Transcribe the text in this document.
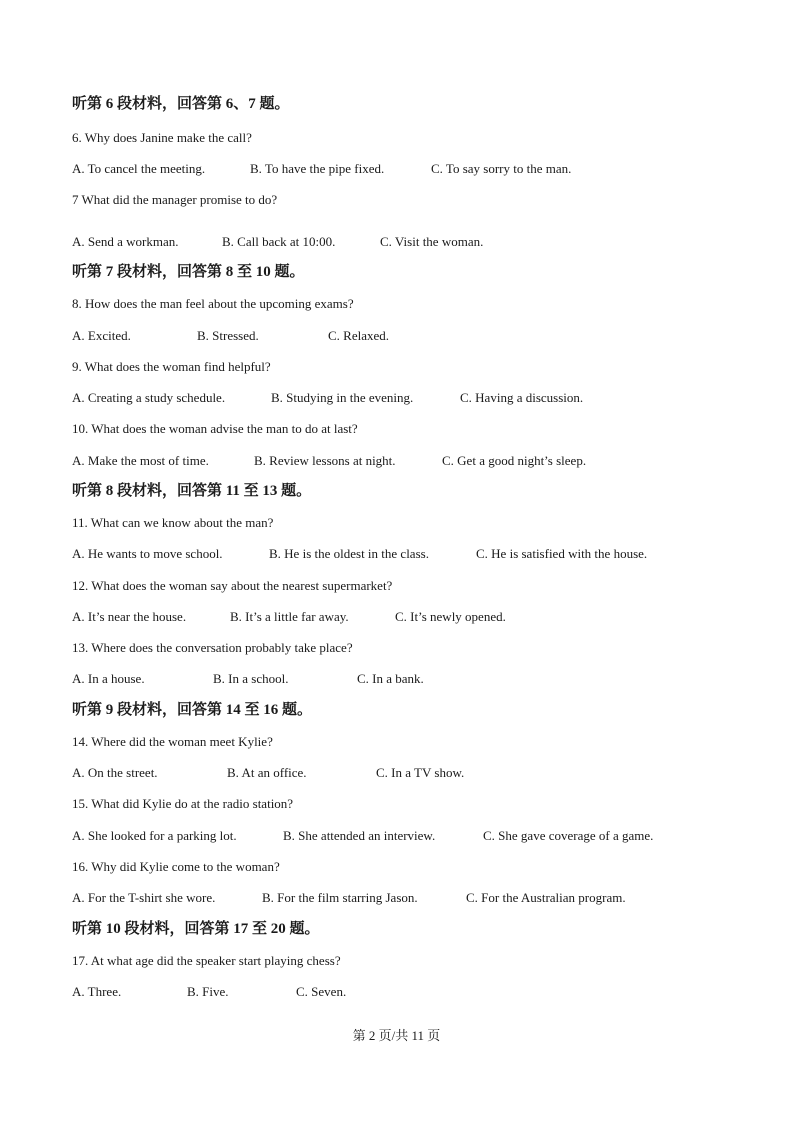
听第 6 段材料，回答第 6、7 题。
6. Why does Janine make the call?
A. To cancel the meeting.	B. To have the pipe fixed.	C. To say sorry to the man.
7 What did the manager promise to do?
A. Send a workman.	B. Call back at 10:00.	C. Visit the woman.
听第 7 段材料，回答第 8 至 10 题。
8. How does the man feel about the upcoming exams?
A. Excited.	B. Stressed.	C. Relaxed.
9. What does the woman find helpful?
A. Creating a study schedule.	B. Studying in the evening.	C. Having a discussion.
10. What does the woman advise the man to do at last?
A. Make the most of time.	B. Review lessons at night.	C. Get a good night’s sleep.
听第 8 段材料，回答第 11 至 13 题。
11. What can we know about the man?
A. He wants to move school.	B. He is the oldest in the class.	C. He is satisfied with the house.
12. What does the woman say about the nearest supermarket?
A. It’s near the house.	B. It’s a little far away.	C. It’s newly opened.
13. Where does the conversation probably take place?
A. In a house.	B. In a school.	C. In a bank.
听第 9 段材料，回答第 14 至 16 题。
14. Where did the woman meet Kylie?
A. On the street.	B. At an office.	C. In a TV show.
15. What did Kylie do at the radio station?
A. She looked for a parking lot.	B. She attended an interview.	C. She gave coverage of a game.
16. Why did Kylie come to the woman?
A. For the T-shirt she wore.	B. For the film starring Jason.	C. For the Australian program.
听第 10 段材料，回答第 17 至 20 题。
17. At what age did the speaker start playing chess?
A. Three.	B. Five.	C. Seven.
第 2 页/共 11 页
